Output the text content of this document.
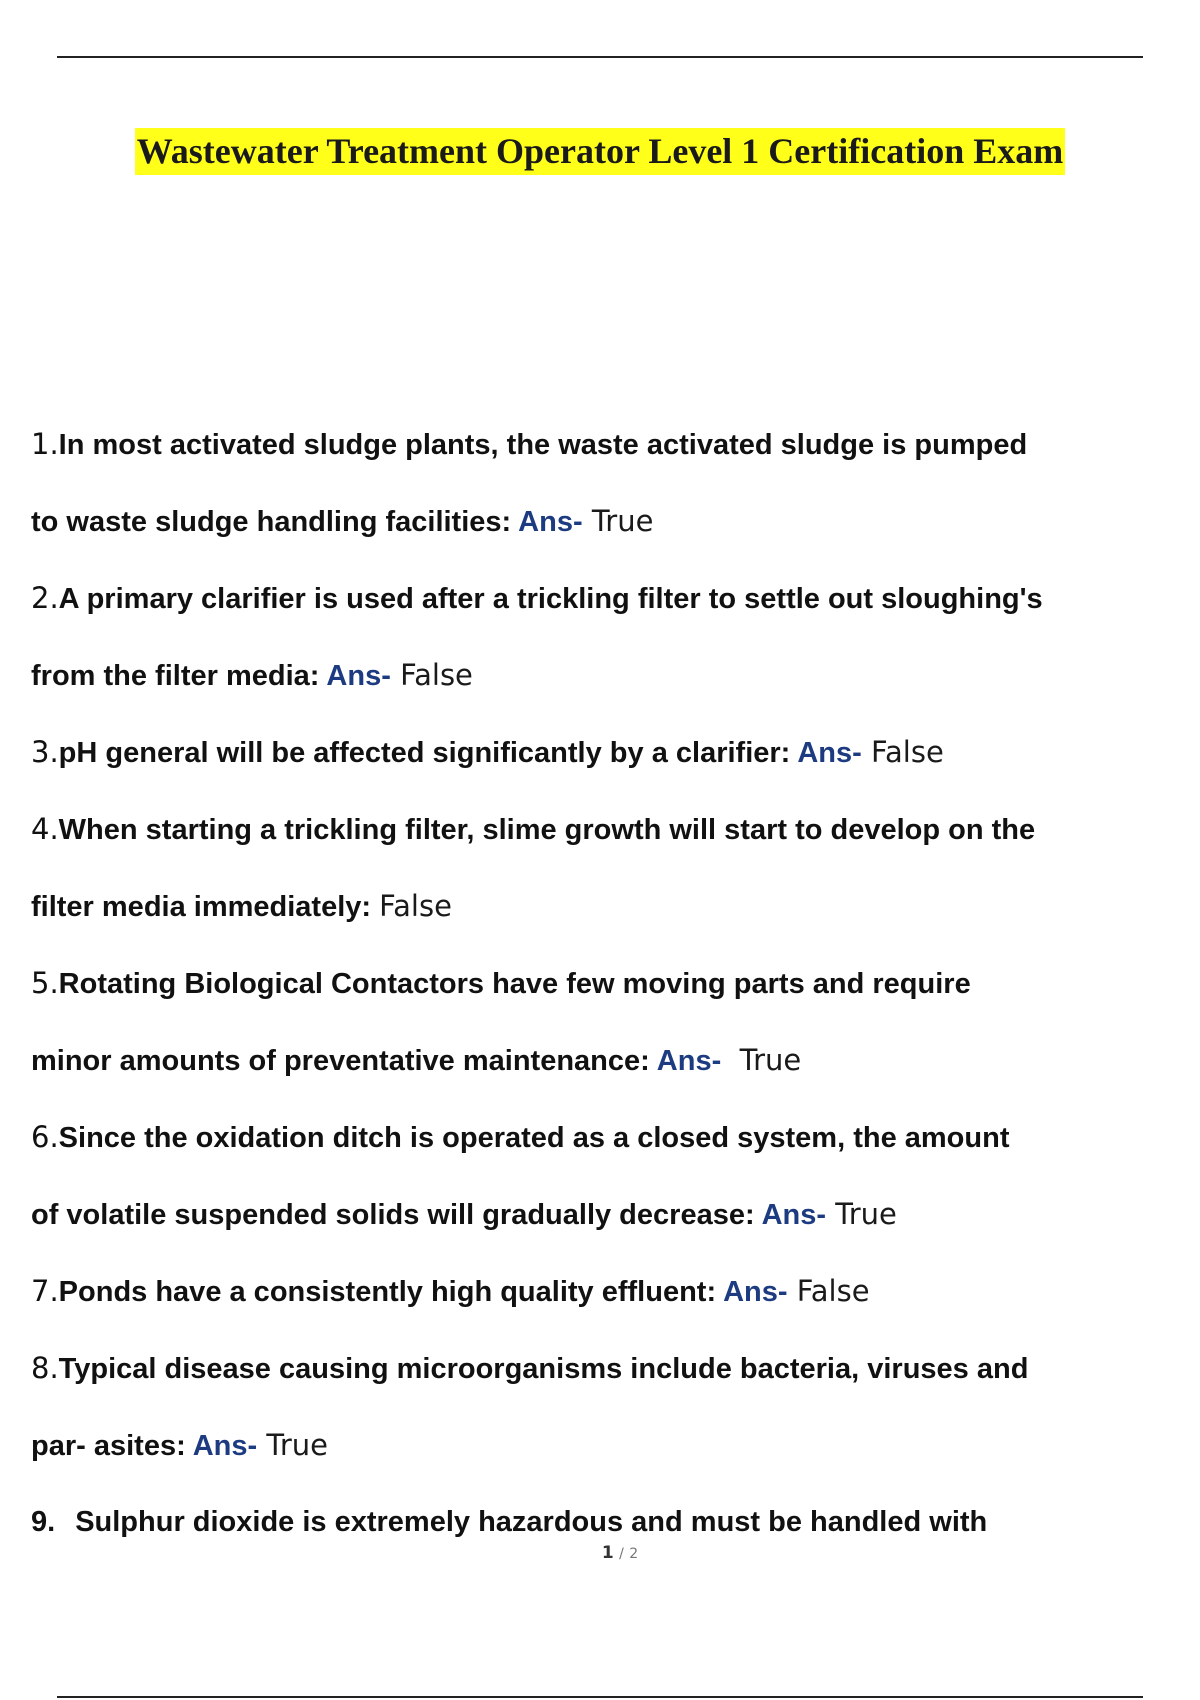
Wastewater Treatment Operator Level 1 Certification Exam
1.In most activated sludge plants, the waste activated sludge is pumped
to waste sludge handling facilities: Ans- True
2.A primary clarifier is used after a trickling filter to settle out sloughing's
from the filter media: Ans- False
3.pH general will be affected significantly by a clarifier: Ans- False
4.When starting a trickling filter, slime growth will start to develop on the
filter media immediately: False
5.Rotating Biological Contactors have few moving parts and require
minor amounts of preventative maintenance: Ans-  True
6.Since the oxidation ditch is operated as a closed system, the amount
of volatile suspended solids will gradually decrease: Ans- True
7.Ponds have a consistently high quality effluent: Ans- False
8.Typical disease causing microorganisms include bacteria, viruses and
par- asites: Ans- True
9. Sulphur dioxide is extremely hazardous and must be handled with
1 / 2
